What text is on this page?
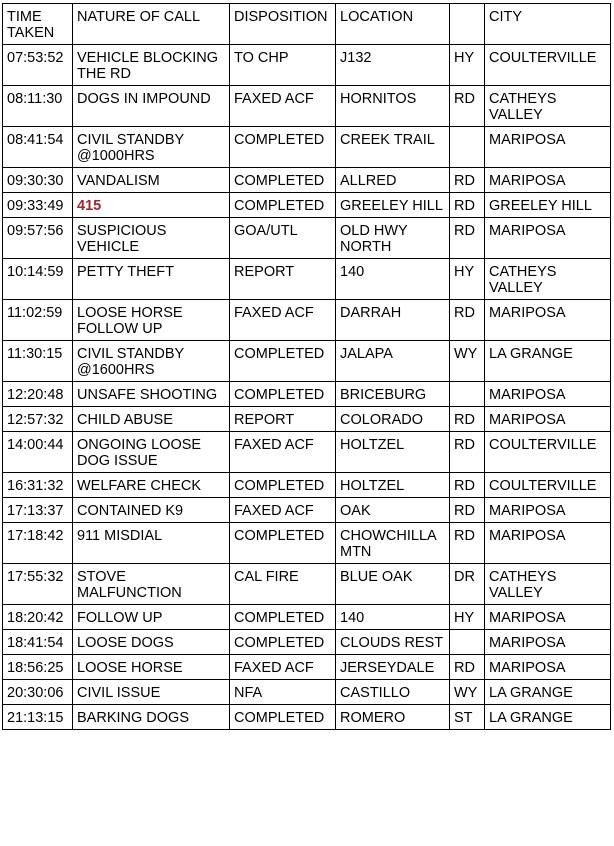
TIME TAKEN	NATURE OF CALL	DISPOSITION	LOCATION		CITY
07:53:52	VEHICLE BLOCKING THE RD	TO CHP	J132	HY	COULTERVILLE
08:11:30	DOGS IN IMPOUND	FAXED ACF	HORNITOS	RD	CATHEYS VALLEY
08:41:54	CIVIL STANDBY @1000HRS	COMPLETED	CREEK TRAIL		MARIPOSA
09:30:30	VANDALISM	COMPLETED	ALLRED	RD	MARIPOSA
09:33:49	415	COMPLETED	GREELEY HILL	RD	GREELEY HILL
09:57:56	SUSPICIOUS VEHICLE	GOA/UTL	OLD HWY NORTH	RD	MARIPOSA
10:14:59	PETTY THEFT	REPORT	140	HY	CATHEYS VALLEY
11:02:59	LOOSE HORSE FOLLOW UP	FAXED ACF	DARRAH	RD	MARIPOSA
11:30:15	CIVIL STANDBY @1600HRS	COMPLETED	JALAPA	WY	LA GRANGE
12:20:48	UNSAFE SHOOTING	COMPLETED	BRICEBURG		MARIPOSA
12:57:32	CHILD ABUSE	REPORT	COLORADO	RD	MARIPOSA
14:00:44	ONGOING LOOSE DOG ISSUE	FAXED ACF	HOLTZEL	RD	COULTERVILLE
16:31:32	WELFARE CHECK	COMPLETED	HOLTZEL	RD	COULTERVILLE
17:13:37	CONTAINED K9	FAXED ACF	OAK	RD	MARIPOSA
17:18:42	911 MISDIAL	COMPLETED	CHOWCHILLA MTN	RD	MARIPOSA
17:55:32	STOVE MALFUNCTION	CAL FIRE	BLUE OAK	DR	CATHEYS VALLEY
18:20:42	FOLLOW UP	COMPLETED	140	HY	MARIPOSA
18:41:54	LOOSE DOGS	COMPLETED	CLOUDS REST		MARIPOSA
18:56:25	LOOSE HORSE	FAXED ACF	JERSEYDALE	RD	MARIPOSA
20:30:06	CIVIL ISSUE	NFA	CASTILLO	WY	LA GRANGE
21:13:15	BARKING DOGS	COMPLETED	ROMERO	ST	LA GRANGE
